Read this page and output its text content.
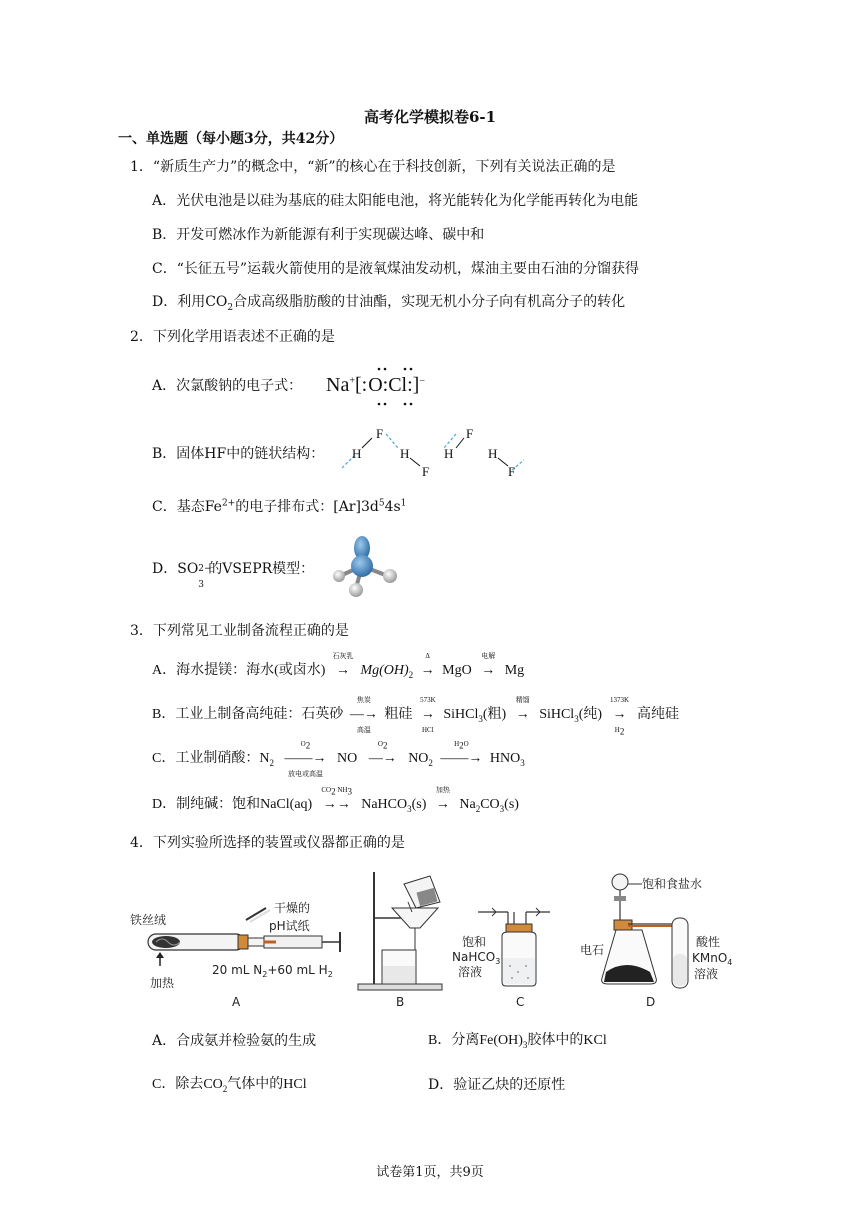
高考化学模拟卷6-1
一、单选题（每小题3分，共42分）
1．“新质生产力”的概念中，“新”的核心在于科技创新，下列有关说法正确的是
A．光伏电池是以硅为基底的硅太阳能电池，将光能转化为化学能再转化为电能
B．开发可燃冰作为新能源有利于实现碳达峰、碳中和
C．“长征五号”运载火箭使用的是液氧煤油发动机，煤油主要由石油的分馏获得
D．利用$CO_2$合成高级脂肪酸的甘油酯，实现无机小分子向有机高分子的转化
2．下列化学用语表述不正确的是
A．次氯酸钠的电子式： Na+[:O:Cl:]−
B．固体HF中的链状结构： H
F
H
F
H
F
H
F
C．基态$Fe^{2+}$的电子排布式：$[Ar]3d^54s^1$
D．SO 2−
3
的VSEPR模型：
3．下列常见工业制备流程正确的是
A．海水提镁：海水(或卤水)
石灰乳
→ $Mg(OH)_2$
Δ
→ MgO
电解
→ Mg
B．工业上制备高纯硅：石英砂
焦炭
—→
高温
粗硅
573K
→
HCl
SiHCl$_3$(粗)
精馏
→ SiHCl$_3$(纯)
1373K
→
$H_2$
高纯硅
C．工业制硝酸：$N_2$
$O_2$
——→
放电或高温
NO
$O_2$
—→ $NO_2$
$H_2O$
——→ $HNO_3$
D．制纯碱：饱和NaCl(aq)
$CO_2$ $NH_3$
→→ NaHCO$_3$(s)
加热
→ $Na_2CO_3(s)$
4．下列实验所选择的装置或仪器都正确的是
铁丝绒
加热
干燥的
pH试纸
20 mL $N_2+60$ mL $H_2$
A	B
饱和
NaHCO$_3$
溶液
C
饱和食盐水
电石
酸性
KMnO$_4$
溶液
D
A．合成氨并检验氨的生成	B．分离$Fe(OH)_3$胶体中的KCl
C．除去$CO_2$气体中的HCl	D．验证乙炔的还原性
试卷第1页，共9页
